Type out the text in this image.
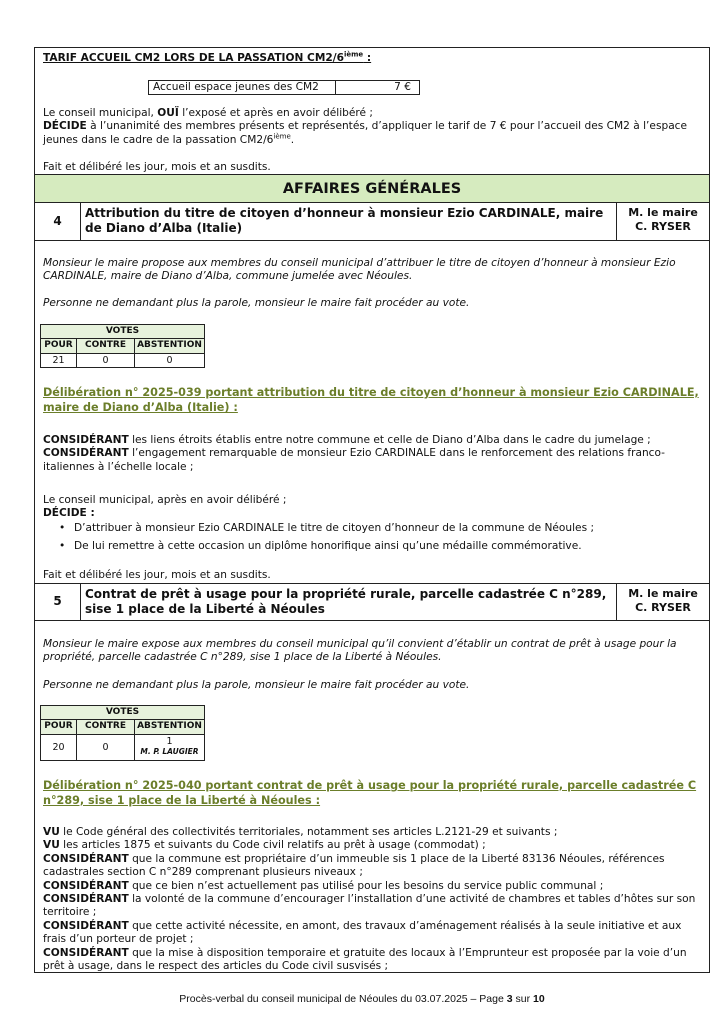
TARIF ACCUEIL CM2 LORS DE LA PASSATION CM2/6ième :
Accueil espace jeunes des CM2	7 €
Le conseil municipal, OUÏ l’exposé et après en avoir délibéré ;
DÉCIDE à l’unanimité des membres présents et représentés, d’appliquer le tarif de 7 € pour l’accueil des CM2 à l’espace jeunes dans le cadre de la passation CM2/6ième.
Fait et délibéré les jour, mois et an susdits.
AFFAIRES GÉNÉRALES
4
Attribution du titre de citoyen d’honneur à monsieur Ezio CARDINALE, maire de Diano d’Alba (Italie)
M. le maire
C. RYSER
Monsieur le maire propose aux membres du conseil municipal d’attribuer le titre de citoyen d’honneur à monsieur Ezio CARDINALE, maire de Diano d’Alba, commune jumelée avec Néoules.
Personne ne demandant plus la parole, monsieur le maire fait procéder au vote.
VOTES		
POUR	CONTRE	ABSTENTION
21	0	0
Délibération n° 2025-039 portant attribution du titre de citoyen d’honneur à monsieur Ezio CARDINALE, maire de Diano d’Alba (Italie) :
CONSIDÉRANT les liens étroits établis entre notre commune et celle de Diano d’Alba dans le cadre du jumelage ;
CONSIDÉRANT l’engagement remarquable de monsieur Ezio CARDINALE dans le renforcement des relations franco-italiennes à l’échelle locale ;
Le conseil municipal, après en avoir délibéré ;
DÉCIDE :
• D’attribuer à monsieur Ezio CARDINALE le titre de citoyen d’honneur de la commune de Néoules ;
• De lui remettre à cette occasion un diplôme honorifique ainsi qu’une médaille commémorative.
Fait et délibéré les jour, mois et an susdits.
5
Contrat de prêt à usage pour la propriété rurale, parcelle cadastrée C n°289, sise 1 place de la Liberté à Néoules
M. le maire
C. RYSER
Monsieur le maire expose aux membres du conseil municipal qu’il convient d’établir un contrat de prêt à usage pour la propriété, parcelle cadastrée C n°289, sise 1 place de la Liberté à Néoules.
Personne ne demandant plus la parole, monsieur le maire fait procéder au vote.
VOTES		
POUR	CONTRE	ABSTENTION
20	0	1
M. P. LAUGIER
Délibération n° 2025-040 portant contrat de prêt à usage pour la propriété rurale, parcelle cadastrée C n°289, sise 1 place de la Liberté à Néoules :
VU le Code général des collectivités territoriales, notamment ses articles L.2121-29 et suivants ;
VU les articles 1875 et suivants du Code civil relatifs au prêt à usage (commodat) ;
CONSIDÉRANT que la commune est propriétaire d’un immeuble sis 1 place de la Liberté 83136 Néoules, références cadastrales section C n°289 comprenant plusieurs niveaux ;
CONSIDÉRANT que ce bien n’est actuellement pas utilisé pour les besoins du service public communal ;
CONSIDÉRANT la volonté de la commune d’encourager l’installation d’une activité de chambres et tables d’hôtes sur son territoire ;
CONSIDÉRANT que cette activité nécessite, en amont, des travaux d’aménagement réalisés à la seule initiative et aux frais d’un porteur de projet ;
CONSIDÉRANT que la mise à disposition temporaire et gratuite des locaux à l’Emprunteur est proposée par la voie d’un prêt à usage, dans le respect des articles du Code civil susvisés ;
Procès-verbal du conseil municipal de Néoules du 03.07.2025 – Page 3 sur 10
